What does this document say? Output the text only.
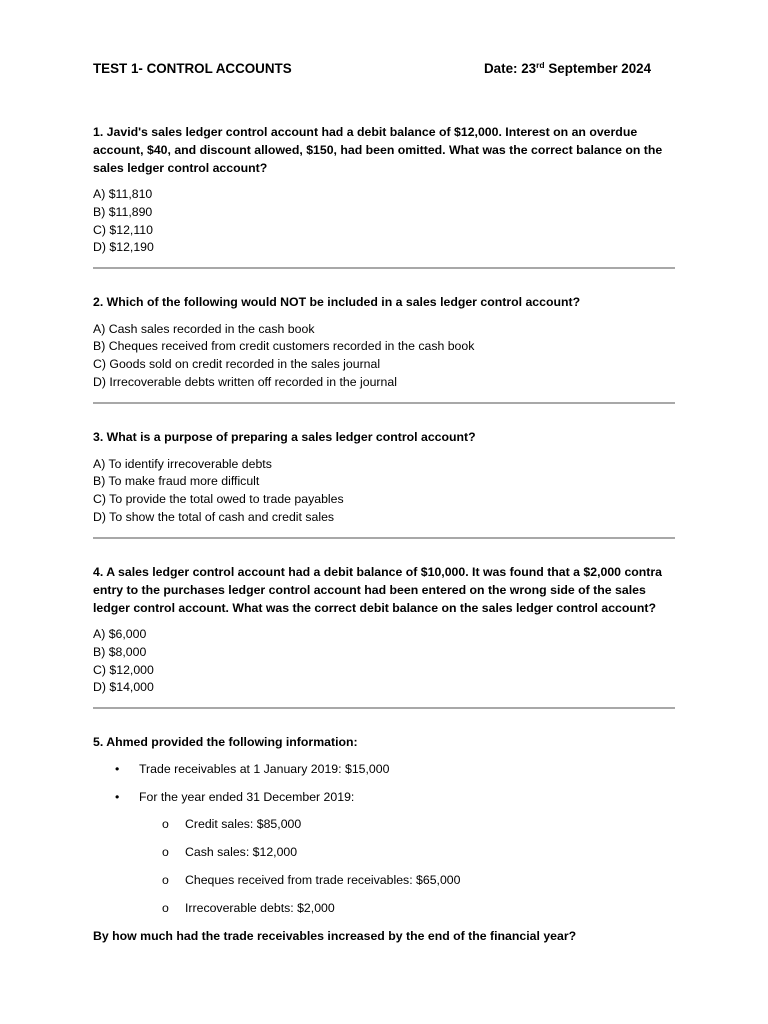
TEST 1- CONTROL ACCOUNTS	Date: 23rd September 2024

1. Javid's sales ledger control account had a debit balance of $12,000. Interest on an overdue account, $40, and discount allowed, $150, had been omitted. What was the correct balance on the sales ledger control account?

A) $11,810
B) $11,890
C) $12,110
D) $12,190

2. Which of the following would NOT be included in a sales ledger control account?

A) Cash sales recorded in the cash book
B) Cheques received from credit customers recorded in the cash book
C) Goods sold on credit recorded in the sales journal
D) Irrecoverable debts written off recorded in the journal

3. What is a purpose of preparing a sales ledger control account?

A) To identify irrecoverable debts
B) To make fraud more difficult
C) To provide the total owed to trade payables
D) To show the total of cash and credit sales

4. A sales ledger control account had a debit balance of $10,000. It was found that a $2,000 contra entry to the purchases ledger control account had been entered on the wrong side of the sales ledger control account. What was the correct debit balance on the sales ledger control account?

A) $6,000
B) $8,000
C) $12,000
D) $14,000

5. Ahmed provided the following information:

• Trade receivables at 1 January 2019: $15,000
• For the year ended 31 December 2019:
o Credit sales: $85,000
o Cash sales: $12,000
o Cheques received from trade receivables: $65,000
o Irrecoverable debts: $2,000

By how much had the trade receivables increased by the end of the financial year?
